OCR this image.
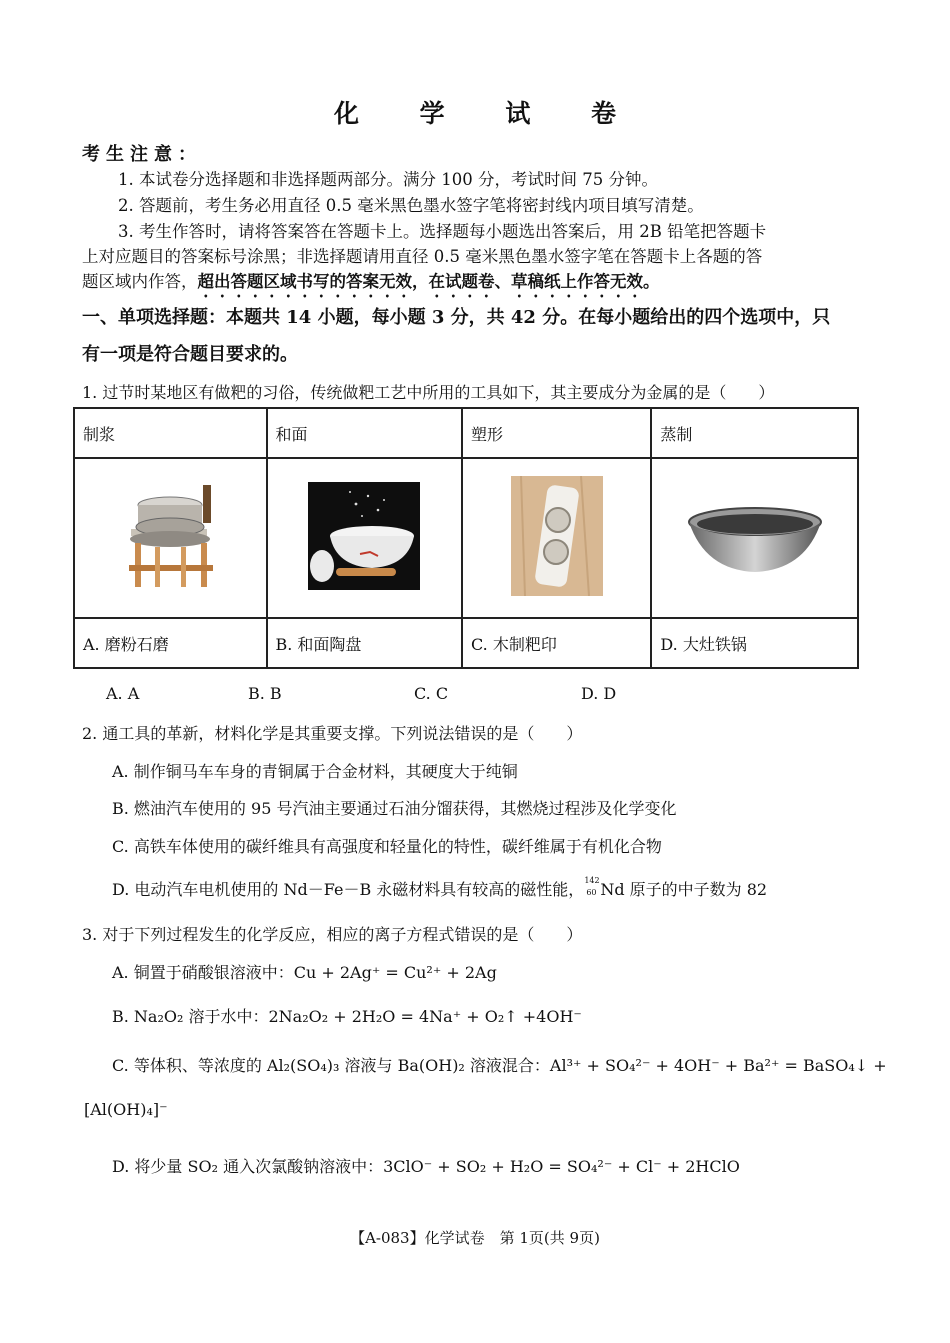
化 学 试 卷
考生注意：
1. 本试卷分选择题和非选择题两部分。满分 100 分，考试时间 75 分钟。
2. 答题前，考生务必用直径 0.5 毫米黑色墨水签字笔将密封线内项目填写清楚。
3. 考生作答时，请将答案答在答题卡上。选择题每小题选出答案后，用 2B 铅笔把答题卡
上对应题目的答案标号涂黑；非选择题请用直径 0.5 毫米黑色墨水签字笔在答题卡上各题的答
题区域内作答，超出答题区域书写的答案无效，在试题卷、草稿纸上作答无效。
一、单项选择题：本题共 14 小题，每小题 3 分，共 42 分。在每小题给出的四个选项中，只
有一项是符合题目要求的。
1. 过节时某地区有做粑的习俗，传统做粑工艺中所用的工具如下，其主要成分为金属的是（　　）
制浆	和面	塑形	蒸制

A. 磨粉石磨	B. 和面陶盘	C. 木制粑印	D. 大灶铁锅
A. A	B. B	C. C	D. D
2. 通工具的革新，材料化学是其重要支撑。下列说法错误的是（　　）
A. 制作铜马车车身的青铜属于合金材料，其硬度大于纯铜
B. 燃油汽车使用的 95 号汽油主要通过石油分馏获得，其燃烧过程涉及化学变化
C. 高铁车体使用的碳纤维具有高强度和轻量化的特性，碳纤维属于有机化合物
D. 电动汽车电机使用的 Nd－Fe－B 永磁材料具有较高的磁性能， 142
60 Nd 原子的中子数为 82
3. 对于下列过程发生的化学反应，相应的离子方程式错误的是（　　）
A. 铜置于硝酸银溶液中：Cu + 2Ag⁺ = Cu²⁺ + 2Ag
B. Na₂O₂ 溶于水中：2Na₂O₂ + 2H₂O = 4Na⁺ + O₂↑ +4OH⁻
C. 等体积、等浓度的 Al₂(SO₄)₃ 溶液与 Ba(OH)₂ 溶液混合：Al³⁺ + SO₄²⁻ + 4OH⁻ + Ba²⁺ = BaSO₄↓ +
[Al(OH)₄]⁻
D. 将少量 SO₂ 通入次氯酸钠溶液中：3ClO⁻ + SO₂ + H₂O = SO₄²⁻ + Cl⁻ + 2HClO
【A-083】化学试卷　第 1页(共 9页)
